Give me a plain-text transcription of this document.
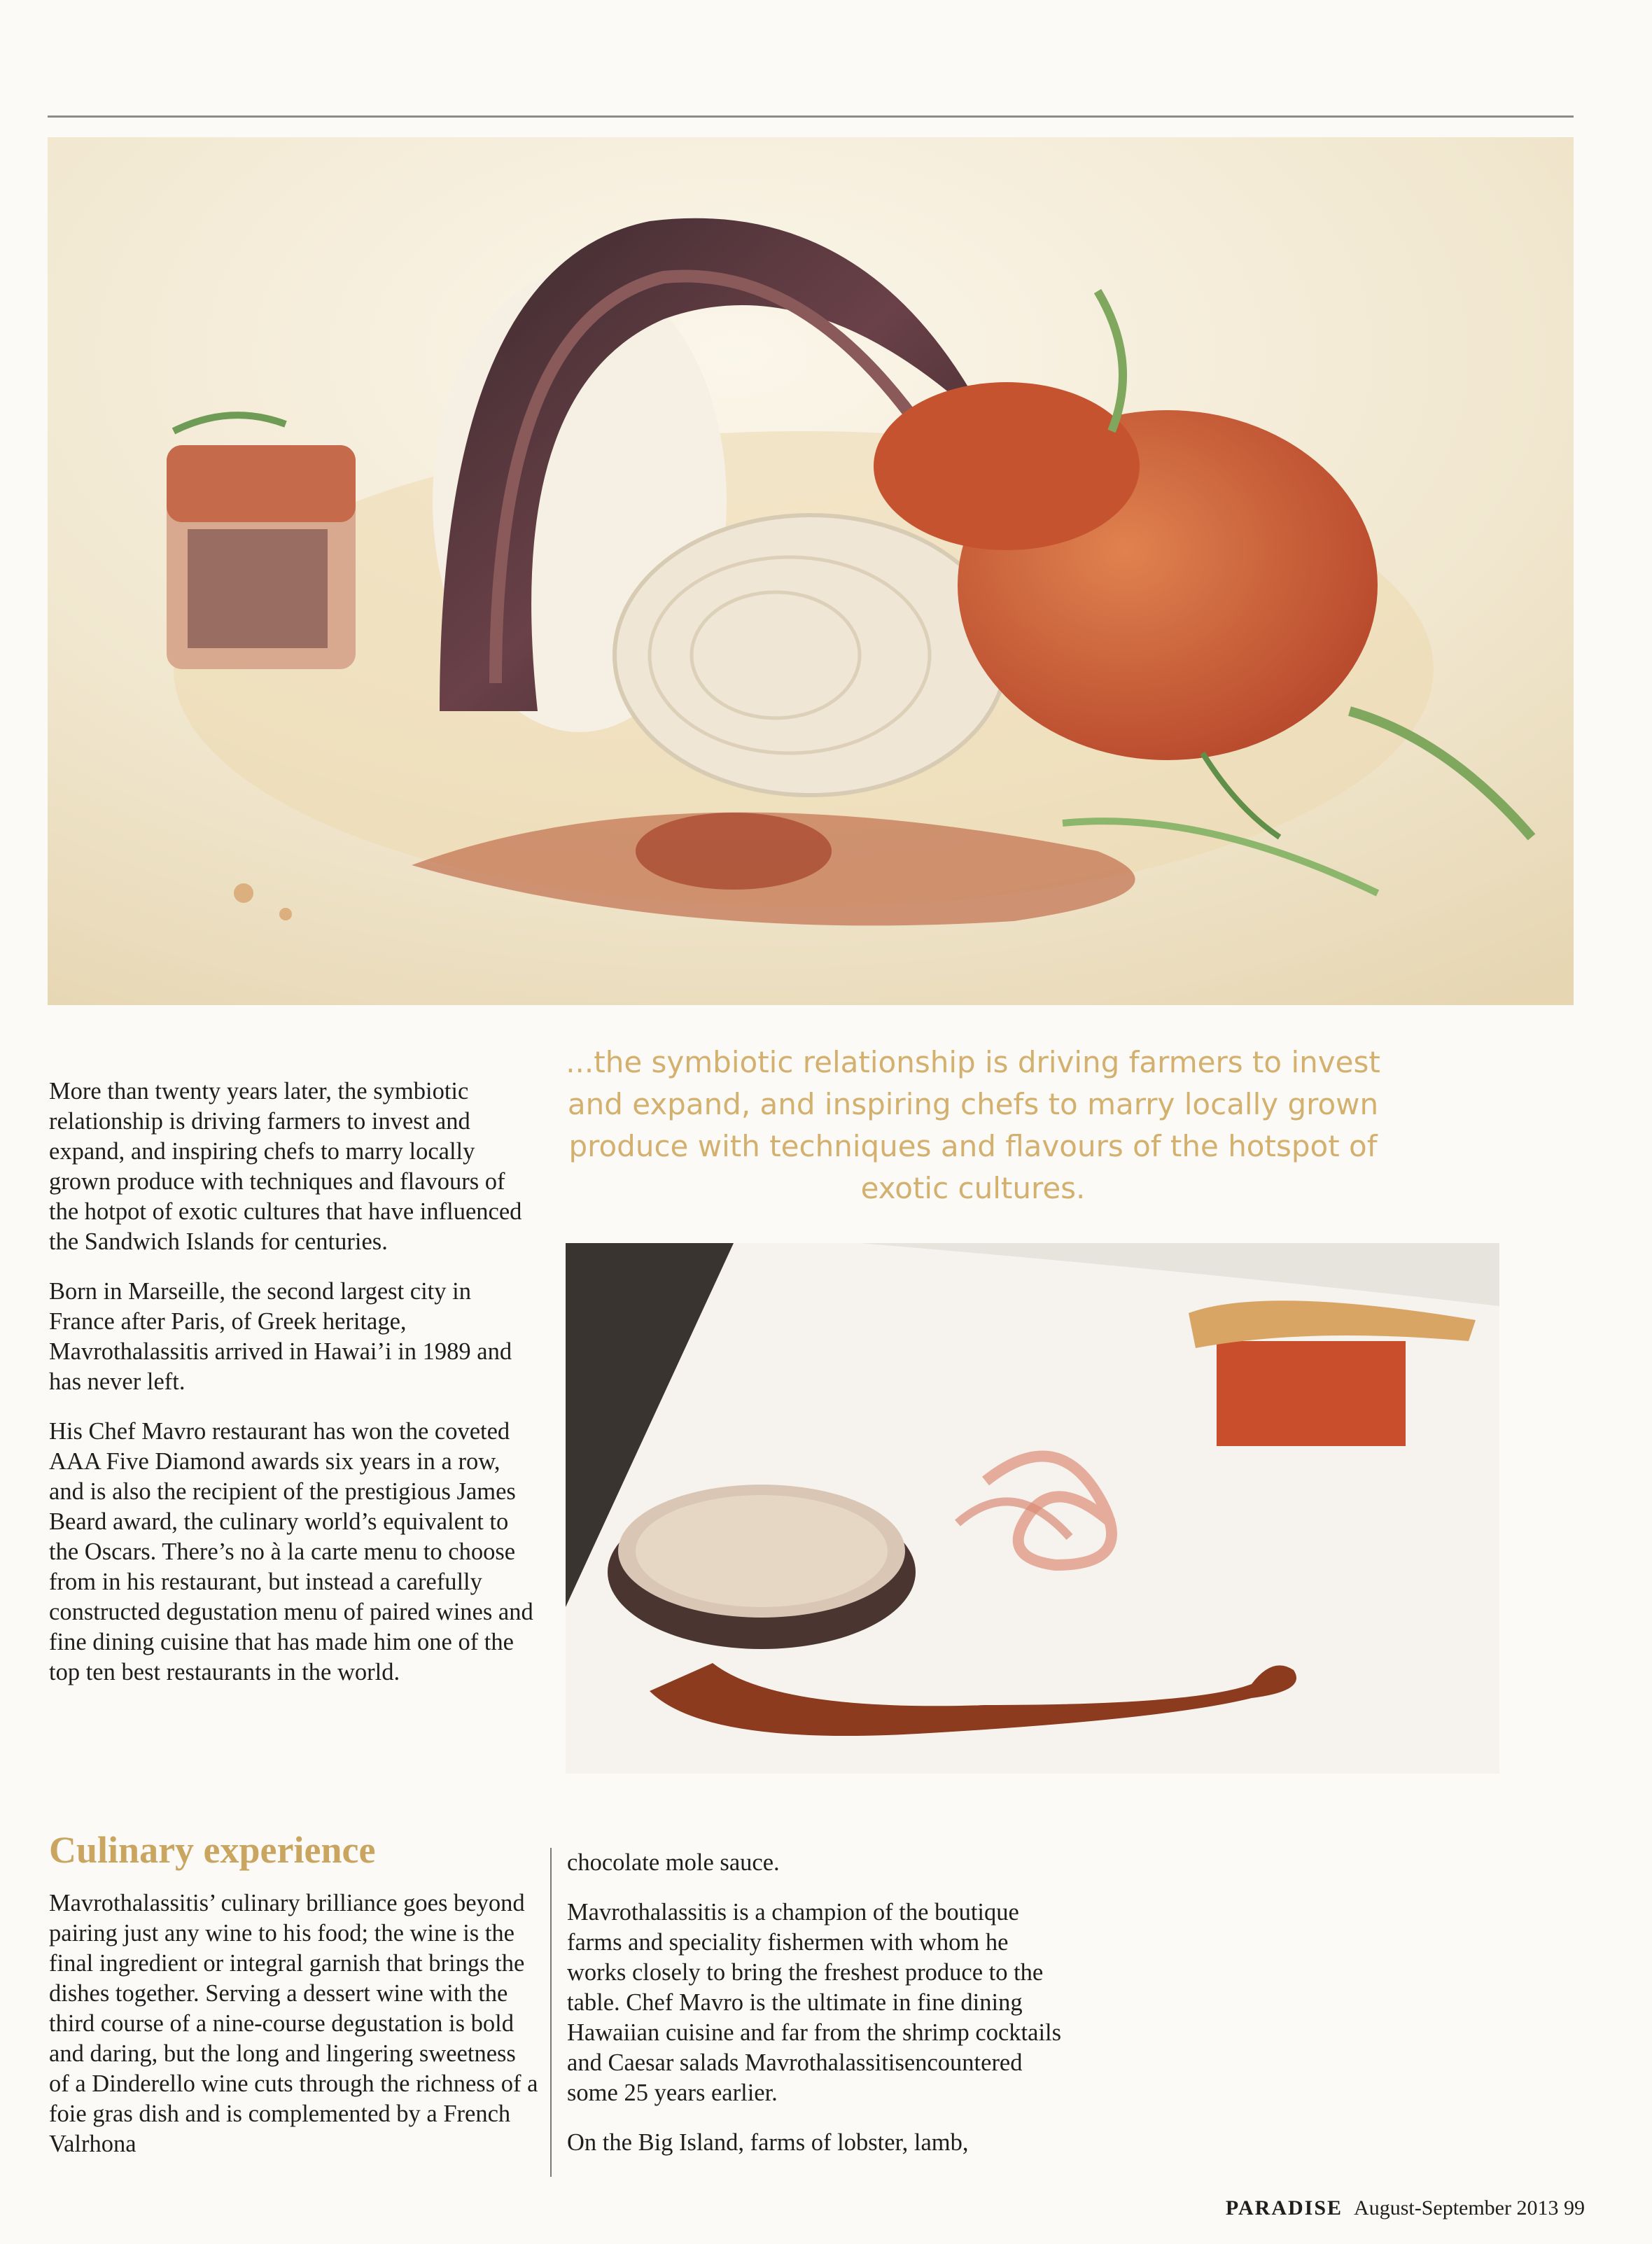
...the symbiotic relationship is driving farmers to invest and expand, and inspiring chefs to marry locally grown produce with techniques and flavours of the hotspot of exotic cultures.

More than twenty years later, the symbiotic relationship is driving farmers to invest and expand, and inspiring chefs to marry locally grown produce with techniques and flavours of the hotpot of exotic cultures that have influenced the Sandwich Islands for centuries.

Born in Marseille, the second largest city in France after Paris, of Greek heritage, Mavrothalassitis arrived in Hawai’i in 1989 and has never left.

His Chef Mavro restaurant has won the coveted AAA Five Diamond awards six years in a row, and is also the recipient of the prestigious James Beard award, the culinary world’s equivalent to the Oscars. There’s no à la carte menu to choose from in his restaurant, but instead a carefully constructed degustation menu of paired wines and fine dining cuisine that has made him one of the top ten best restaurants in the world.

Culinary experience

Mavrothalassitis’ culinary brilliance goes beyond pairing just any wine to his food; the wine is the final ingredient or integral garnish that brings the dishes together. Serving a dessert wine with the third course of a nine-course degustation is bold and daring, but the long and lingering sweetness of a Dinderello wine cuts through the richness of a foie gras dish and is complemented by a French Valrhona

chocolate mole sauce.

Mavrothalassitis is a champion of the boutique farms and speciality fishermen with whom he works closely to bring the freshest produce to the table. Chef Mavro is the ultimate in fine dining Hawaiian cuisine and far from the shrimp cocktails and Caesar salads Mavrothalassitisencountered some 25 years earlier.

On the Big Island, farms of lobster, lamb,

PARADISE August-September 2013 99
